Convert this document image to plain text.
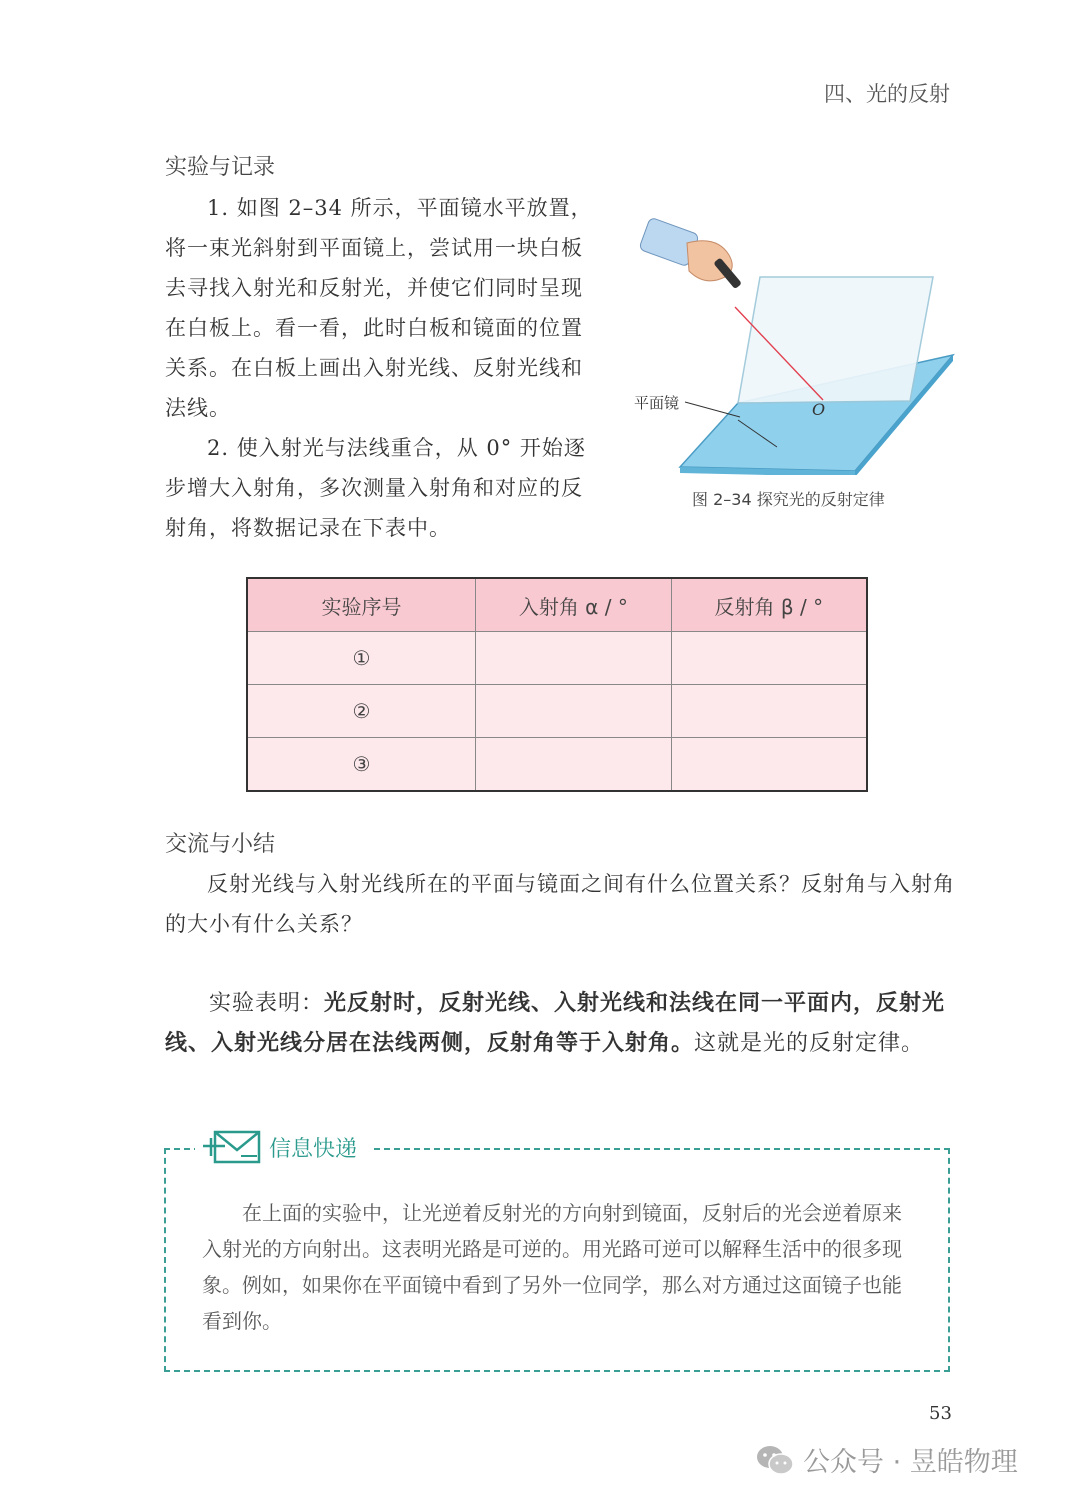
四、光的反射
实验与记录
1. 如图 2–34 所示，平面镜水平放置，将一束光斜射到平面镜上，尝试用一块白板去寻找入射光和反射光，并使它们同时呈现在白板上。看一看，此时白板和镜面的位置关系。在白板上画出入射光线、反射光线和法线。
2. 使入射光与法线重合，从 0° 开始逐步增大入射角，多次测量入射角和对应的反射角，将数据记录在下表中。
平面镜	O
图 2–34 探究光的反射定律
实验序号	入射角 α / °	反射角 β / °
①		
②		
③		
交流与小结
反射光线与入射光线所在的平面与镜面之间有什么位置关系？反射角与入射角的大小有什么关系？
实验表明：光反射时，反射光线、入射光线和法线在同一平面内，反射光线、入射光线分居在法线两侧，反射角等于入射角。这就是光的反射定律。
信息快递
在上面的实验中，让光逆着反射光的方向射到镜面，反射后的光会逆着原来入射光的方向射出。这表明光路是可逆的。用光路可逆可以解释生活中的很多现象。例如，如果你在平面镜中看到了另外一位同学，那么对方通过这面镜子也能看到你。
53
公众号 · 昱皓物理
